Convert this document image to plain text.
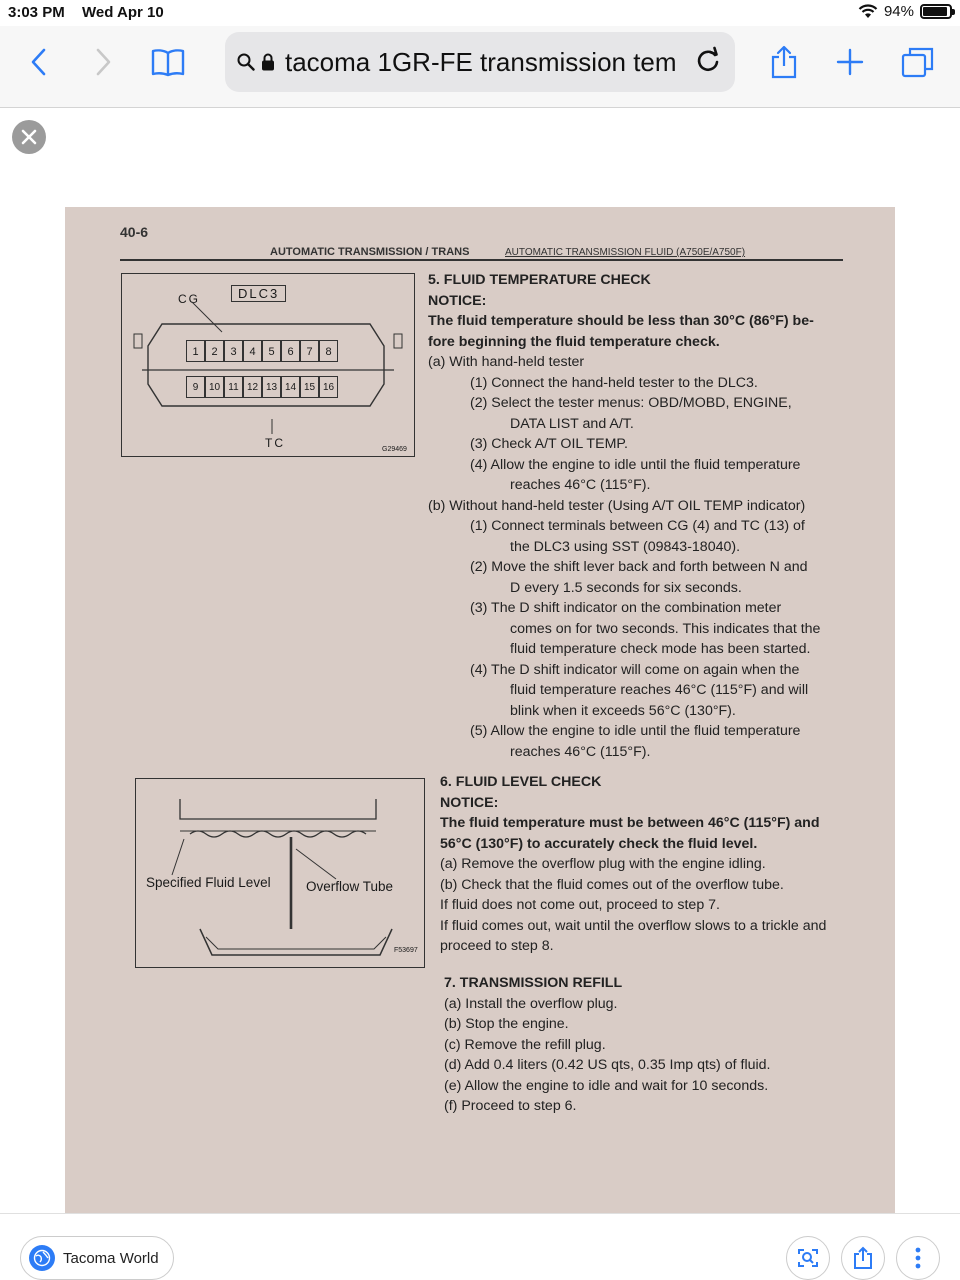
3:03 PM Wed Apr 10	94%
tacoma 1GR-FE transmission tem
40-6
AUTOMATIC TRANSMISSION / TRANS	AUTOMATIC TRANSMISSION FLUID (A750E/A750F)
CG	DLC3
1	2	3	4	5	6	7	8
9	10 11 12 13 14 15 16
TC	G29469
Specified Fluid Level	Overflow Tube
F53697
5. FLUID TEMPERATURE CHECK
NOTICE:
The fluid temperature should be less than 30°C (86°F) be-
fore beginning the fluid temperature check.
(a) With hand-held tester
(1) Connect the hand-held tester to the DLC3.
(2) Select the tester menus: OBD/MOBD, ENGINE,
DATA LIST and A/T.
(3) Check A/T OIL TEMP.
(4) Allow the engine to idle until the fluid temperature
reaches 46°C (115°F).
(b) Without hand-held tester (Using A/T OIL TEMP indicator)
(1) Connect terminals between CG (4) and TC (13) of
the DLC3 using SST (09843-18040).
(2) Move the shift lever back and forth between N and
D every 1.5 seconds for six seconds.
(3) The D shift indicator on the combination meter
comes on for two seconds. This indicates that the
fluid temperature check mode has been started.
(4) The D shift indicator will come on again when the
fluid temperature reaches 46°C (115°F) and will
blink when it exceeds 56°C (130°F).
(5) Allow the engine to idle until the fluid temperature
reaches 46°C (115°F).
6. FLUID LEVEL CHECK
NOTICE:
The fluid temperature must be between 46°C (115°F) and
56°C (130°F) to accurately check the fluid level.
(a) Remove the overflow plug with the engine idling.
(b) Check that the fluid comes out of the overflow tube.
If fluid does not come out, proceed to step 7.
If fluid comes out, wait until the overflow slows to a trickle and
proceed to step 8.
7. TRANSMISSION REFILL
(a) Install the overflow plug.
(b) Stop the engine.
(c) Remove the refill plug.
(d) Add 0.4 liters (0.42 US qts, 0.35 Imp qts) of fluid.
(e) Allow the engine to idle and wait for 10 seconds.
(f) Proceed to step 6.
Tacoma World
